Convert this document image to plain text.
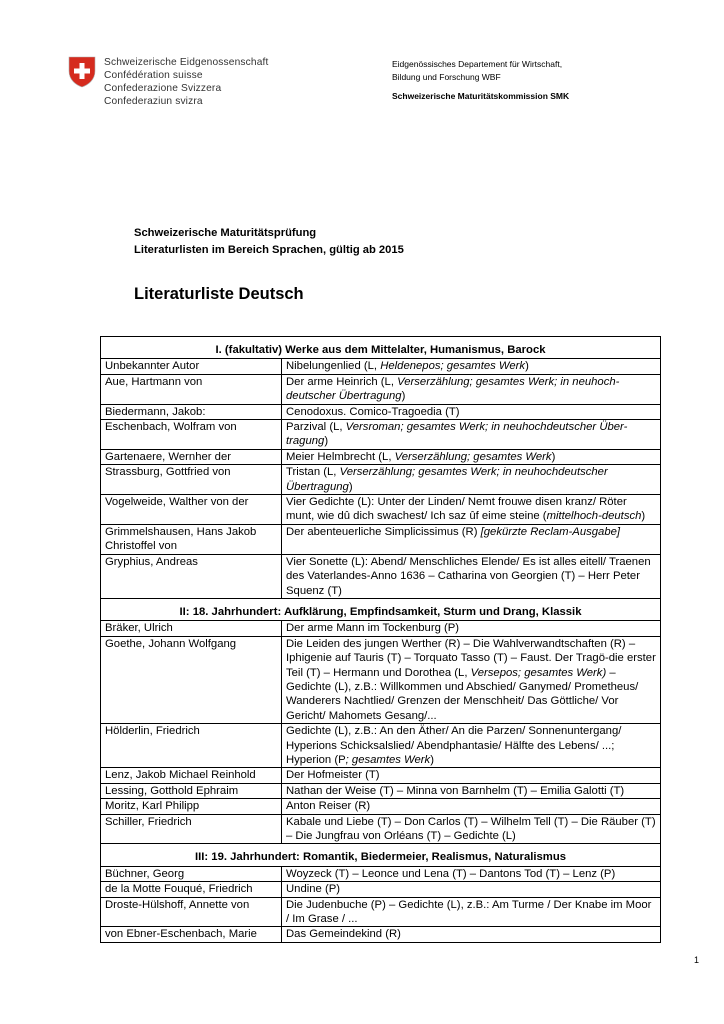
Schweizerische Eidgenossenschaft
Confédération suisse
Confederazione Svizzera
Confederaziun svizra
Eidgenössisches Departement für Wirtschaft,
Bildung und Forschung WBF
Schweizerische Maturitätskommission SMK
Schweizerische Maturitätsprüfung
Literaturlisten im Bereich Sprachen, gültig ab 2015
Literaturliste Deutsch
I. (fakultativ) Werke aus dem Mittelalter, Humanismus, Barock	
Unbekannter Autor	Nibelungenlied (L, Heldenepos; gesamtes Werk)
Aue, Hartmann von	Der arme Heinrich (L, Verserzählung; gesamtes Werk; in neuhoch-deutscher Übertragung)
Biedermann, Jakob:	Cenodoxus. Comico-Tragoedia (T)
Eschenbach, Wolfram von	Parzival (L, Versroman; gesamtes Werk; in neuhochdeutscher Über-tragung)
Gartenaere, Wernher der	Meier Helmbrecht (L, Verserzählung; gesamtes Werk)
Strassburg, Gottfried von	Tristan (L, Verserzählung; gesamtes Werk; in neuhochdeutscher Übertragung)
Vogelweide, Walther von der	Vier Gedichte (L): Unter der Linden/ Nemt frouwe disen kranz/ Röter munt, wie dû dich swachest/ Ich saz ûf eime steine (mittelhoch-deutsch)
Grimmelshausen, Hans Jakob Christoffel von	Der abenteuerliche Simplicissimus (R) [gekürzte Reclam-Ausgabe]
Gryphius, Andreas	Vier Sonette (L): Abend/ Menschliches Elende/ Es ist alles eitell/ Traenen des Vaterlandes-Anno 1636 – Catharina von Georgien (T) – Herr Peter Squenz (T)
II: 18. Jahrhundert: Aufklärung, Empfindsamkeit, Sturm und Drang, Klassik	
Bräker, Ulrich	Der arme Mann im Tockenburg (P)
Goethe, Johann Wolfgang	Die Leiden des jungen Werther (R) – Die Wahlverwandtschaften (R) – Iphigenie auf Tauris (T) – Torquato Tasso (T) – Faust. Der Tragö-die erster Teil (T) – Hermann und Dorothea (L, Versepos; gesamtes Werk) – Gedichte (L), z.B.: Willkommen und Abschied/ Ganymed/ Prometheus/ Wanderers Nachtlied/ Grenzen der Menschheit/ Das Göttliche/ Vor Gericht/ Mahomets Gesang/...
Hölderlin, Friedrich	Gedichte (L), z.B.: An den Äther/ An die Parzen/ Sonnenuntergang/ Hyperions Schicksalslied/ Abendphantasie/ Hälfte des Lebens/ ...; Hyperion (P; gesamtes Werk)
Lenz, Jakob Michael Reinhold	Der Hofmeister (T)
Lessing, Gotthold Ephraim	Nathan der Weise (T) – Minna von Barnhelm (T) – Emilia Galotti (T)
Moritz, Karl Philipp	Anton Reiser (R)
Schiller, Friedrich	Kabale und Liebe (T) – Don Carlos (T) – Wilhelm Tell (T) – Die Räuber (T) – Die Jungfrau von Orléans (T) – Gedichte (L)
III: 19. Jahrhundert: Romantik, Biedermeier, Realismus, Naturalismus	
Büchner, Georg	Woyzeck (T) – Leonce und Lena (T) – Dantons Tod (T) – Lenz (P)
de la Motte Fouqué, Friedrich	Undine (P)
Droste-Hülshoff, Annette von	Die Judenbuche (P) – Gedichte (L), z.B.: Am Turme / Der Knabe im Moor / Im Grase / ...
von Ebner-Eschenbach, Marie	Das Gemeindekind (R)
1
